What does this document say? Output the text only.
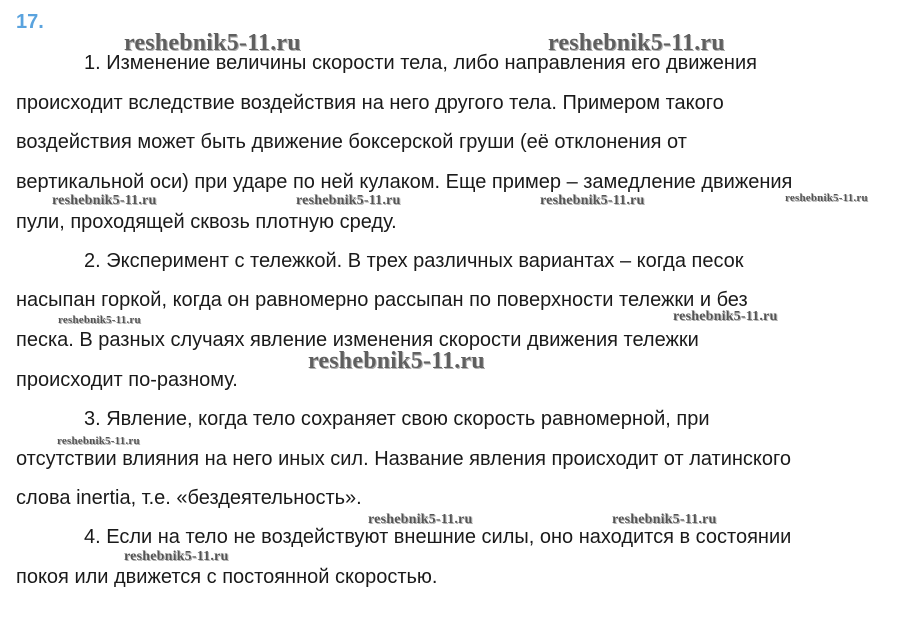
17.
1. Изменение величины скорости тела, либо направления его движения
происходит вследствие воздействия на него другого тела. Примером такого
воздействия может быть движение боксерской груши (её отклонения от
вертикальной оси) при ударе по ней кулаком. Еще пример – замедление движения
пули, проходящей сквозь плотную среду.
2. Эксперимент с тележкой. В трех различных вариантах – когда песок
насыпан горкой, когда он равномерно рассыпан по поверхности тележки и без
песка. В разных случаях явление изменения скорости движения тележки
происходит по-разному.
3. Явление, когда тело сохраняет свою скорость равномерной, при
отсутствии влияния на него иных сил. Название явления происходит от латинского
слова inertia, т.е. «бездеятельность».
4. Если на тело не воздействуют внешние силы, оно находится в состоянии
покоя или движется с постоянной скоростью.
reshebnik5-11.ru	reshebnik5-11.ru
reshebnik5-11.ru	reshebnik5-11.ru	reshebnik5-11.ru	reshebnik5-11.ru
reshebnik5-11.ru	reshebnik5-11.ru
reshebnik5-11.ru
reshebnik5-11.ru
reshebnik5-11.ru	reshebnik5-11.ru
reshebnik5-11.ru
